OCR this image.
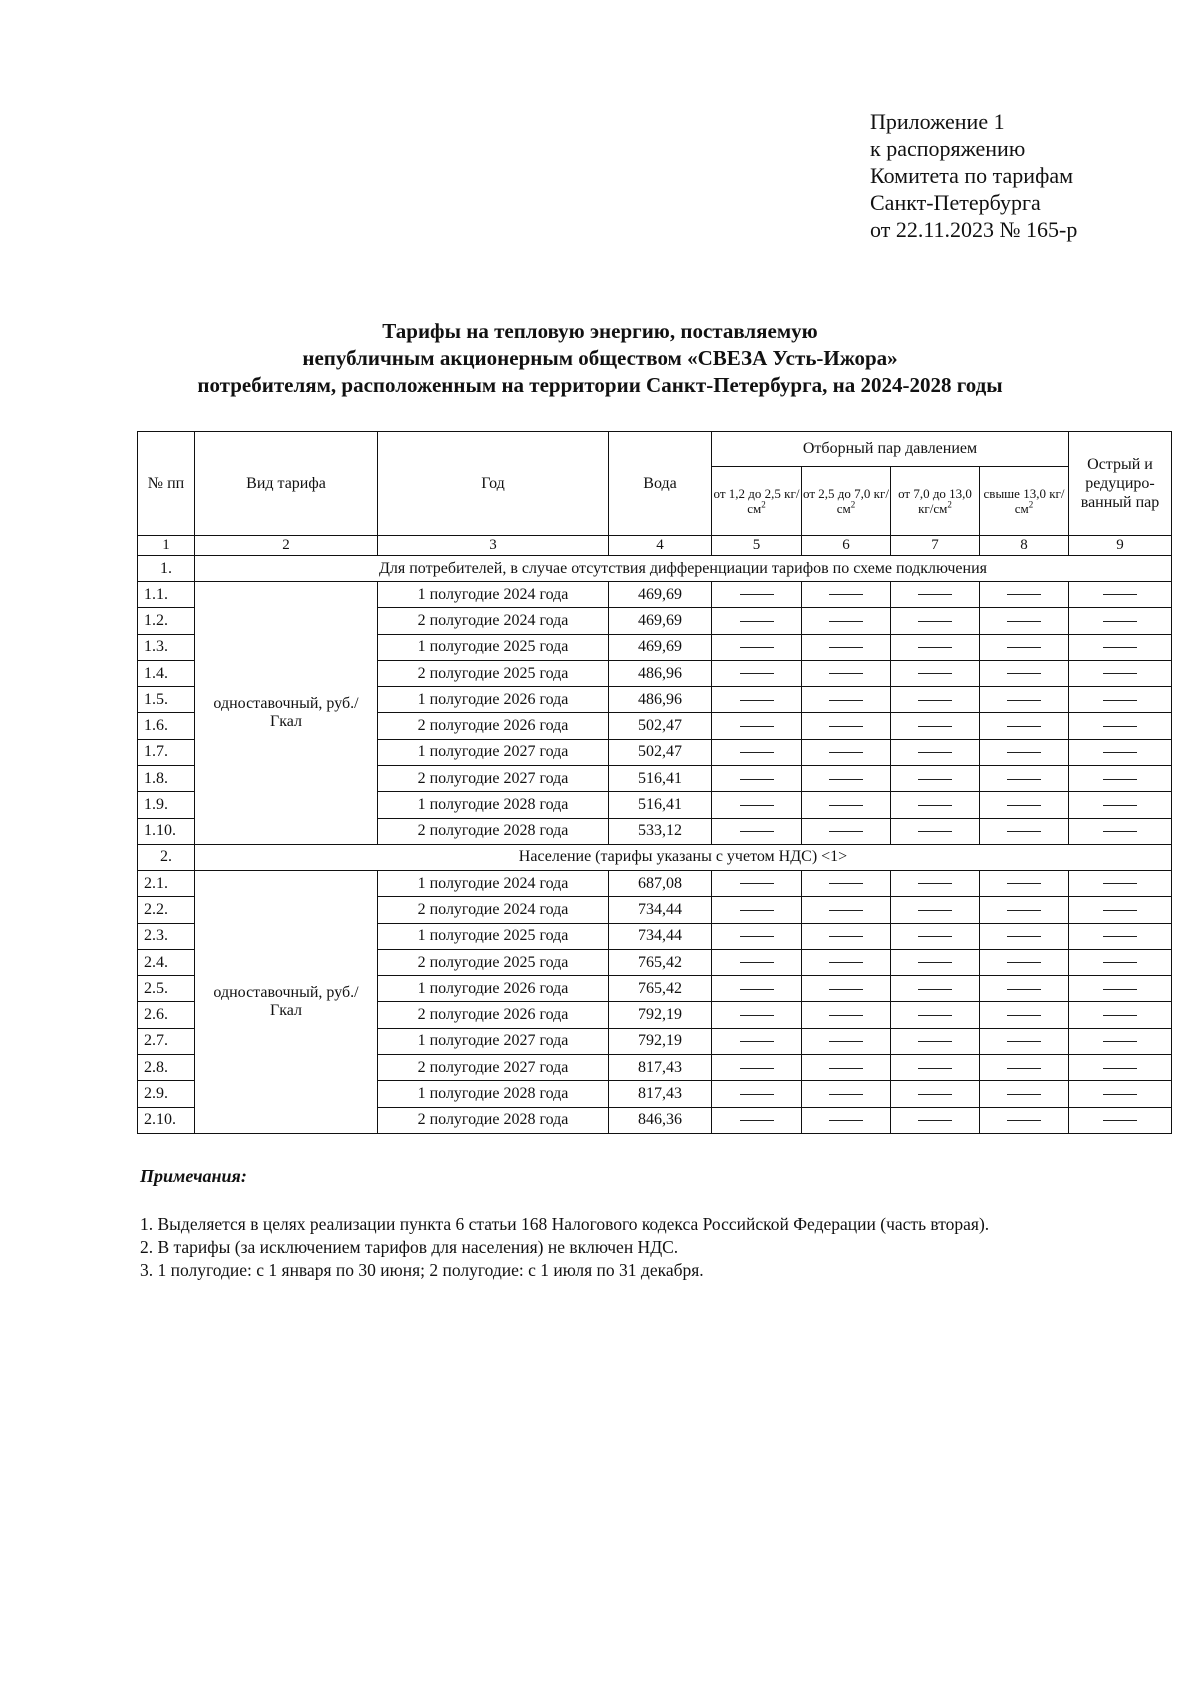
Приложение 1
к распоряжению
Комитета по тарифам
Санкт-Петербурга
от 22.11.2023 № 165-р
Тарифы на тепловую энергию, поставляемую
непубличным акционерным обществом «СВЕЗА Усть-Ижора»
потребителям, расположенным на территории Санкт-Петербурга, на 2024-2028 годы
№ пп	Вид тарифа	Год	Вода	Отборный пар давлением				Острый и редуциро-ванный пар
				от 1,2 до 2,5 $кг/см^2$	от 2,5 до 7,0 $кг/см^2$	от 7,0 до 13,0 $кг/см^2$	свыше 13,0 $кг/см^2$
1	2	3	4	5	6	7	8	9
1.	Для потребителей, в случае отсутствия дифференциации тарифов по схеме подключения							
1.1.	одноставочный, руб./Гкал	1 полугодие 2024 года	469,69					
1.2.		2 полугодие 2024 года	469,69					
1.3.		1 полугодие 2025 года	469,69					
1.4.		2 полугодие 2025 года	486,96					
1.5.		1 полугодие 2026 года	486,96					
1.6.		2 полугодие 2026 года	502,47					
1.7.		1 полугодие 2027 года	502,47					
1.8.		2 полугодие 2027 года	516,41					
1.9.		1 полугодие 2028 года	516,41					
1.10.		2 полугодие 2028 года	533,12					
2.	Население (тарифы указаны с учетом НДС) <1>							
2.1.	одноставочный, руб./Гкал	1 полугодие 2024 года	687,08					
2.2.		2 полугодие 2024 года	734,44					
2.3.		1 полугодие 2025 года	734,44					
2.4.		2 полугодие 2025 года	765,42					
2.5.		1 полугодие 2026 года	765,42					
2.6.		2 полугодие 2026 года	792,19					
2.7.		1 полугодие 2027 года	792,19					
2.8.		2 полугодие 2027 года	817,43					
2.9.		1 полугодие 2028 года	817,43					
2.10.		2 полугодие 2028 года	846,36					
Примечания:
1. Выделяется в целях реализации пункта 6 статьи 168 Налогового кодекса Российской Федерации (часть вторая).
2. В тарифы (за исключением тарифов для населения) не включен НДС.
3. 1 полугодие: с 1 января по 30 июня; 2 полугодие: с 1 июля по 31 декабря.
